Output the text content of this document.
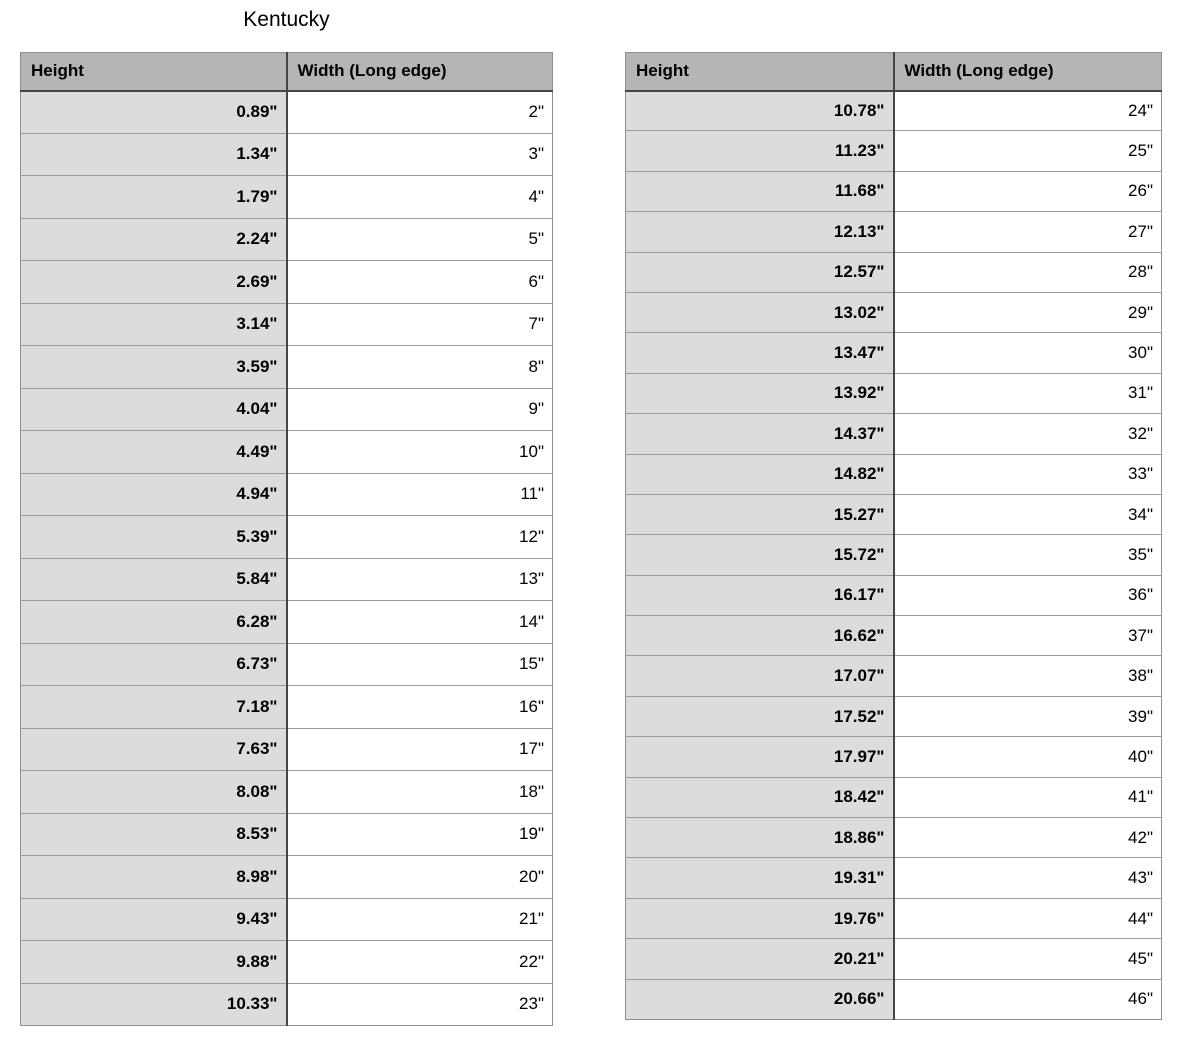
Kentucky
Height	Width (Long edge)
0.89"	2"
1.34"	3"
1.79"	4"
2.24"	5"
2.69"	6"
3.14"	7"
3.59"	8"
4.04"	9"
4.49"	10"
4.94"	11"
5.39"	12"
5.84"	13"
6.28"	14"
6.73"	15"
7.18"	16"
7.63"	17"
8.08"	18"
8.53"	19"
8.98"	20"
9.43"	21"
9.88"	22"
10.33"	23"
Height	Width (Long edge)
10.78"	24"
11.23"	25"
11.68"	26"
12.13"	27"
12.57"	28"
13.02"	29"
13.47"	30"
13.92"	31"
14.37"	32"
14.82"	33"
15.27"	34"
15.72"	35"
16.17"	36"
16.62"	37"
17.07"	38"
17.52"	39"
17.97"	40"
18.42"	41"
18.86"	42"
19.31"	43"
19.76"	44"
20.21"	45"
20.66"	46"
